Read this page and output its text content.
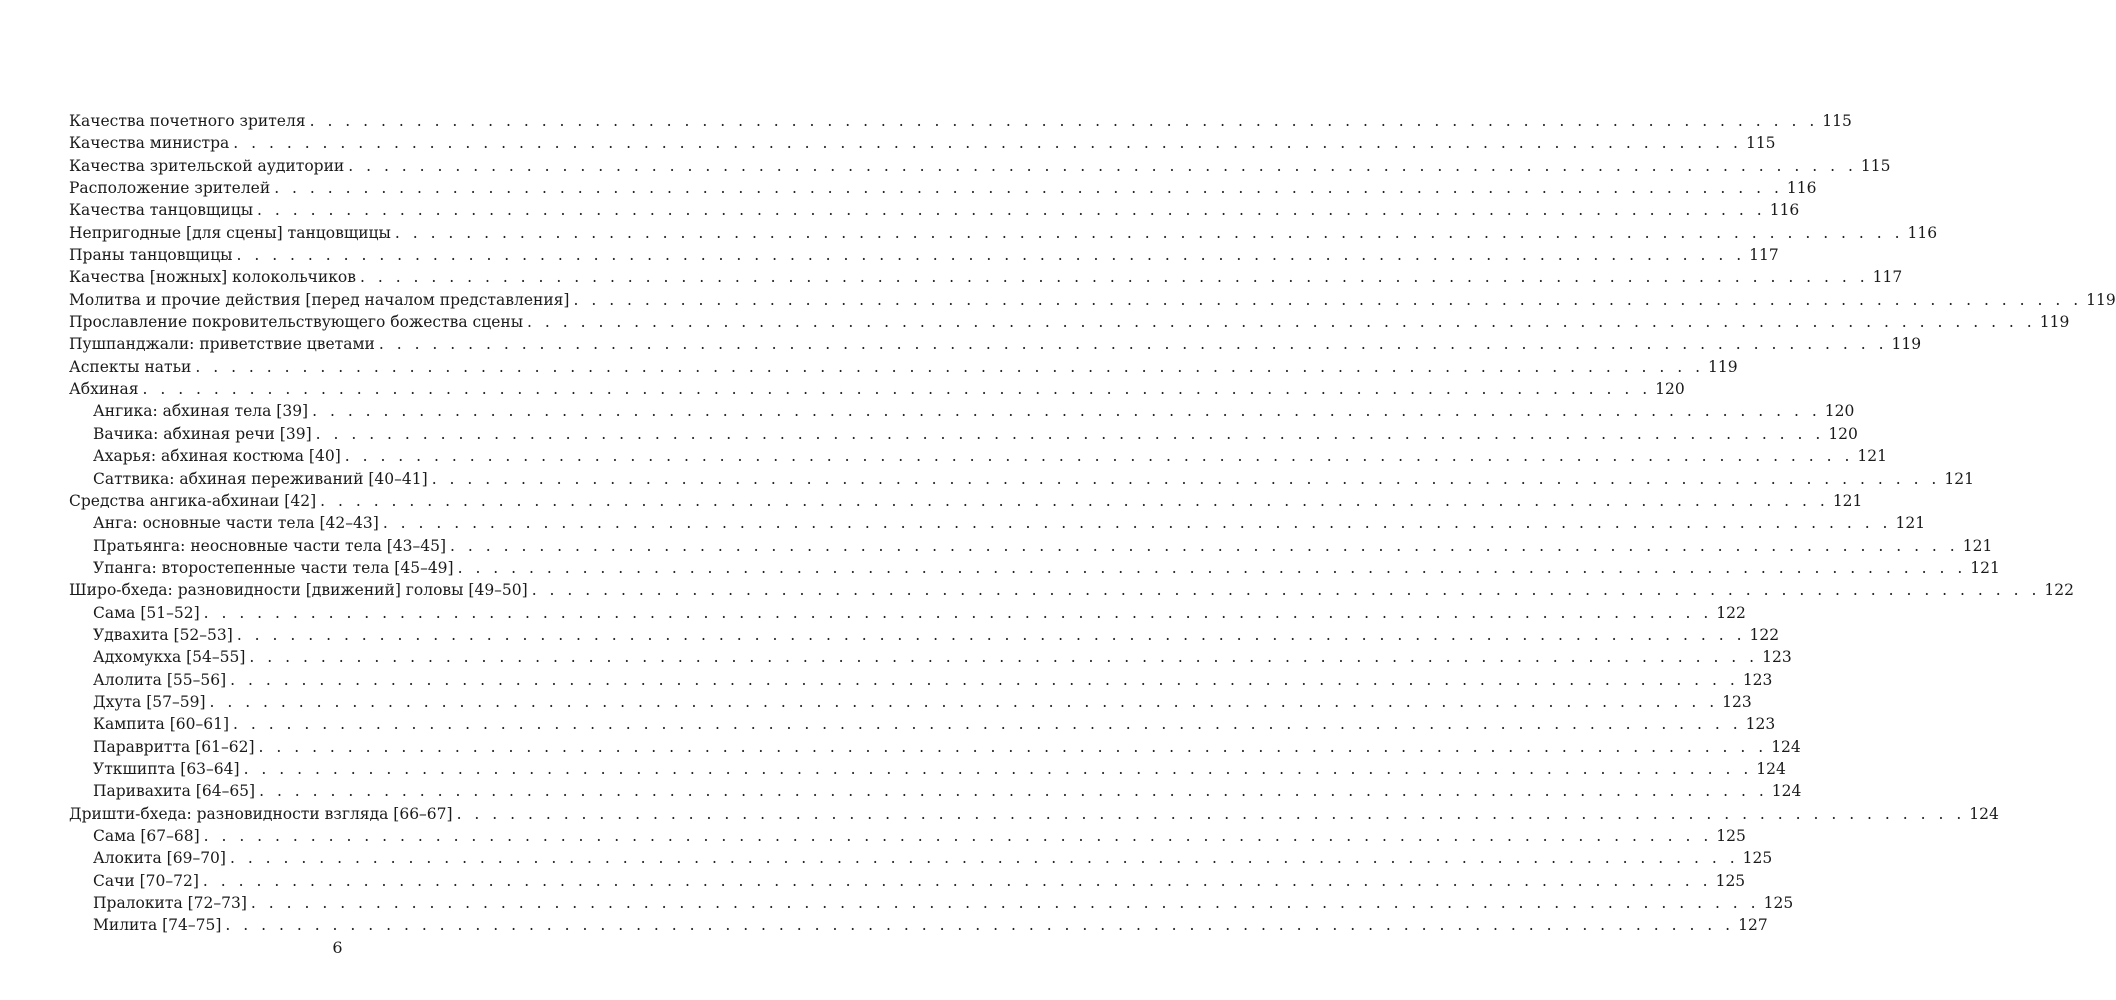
Качества почетного зрителя . . . . . . . . . . . . . . . . . . . . . . . . . . . . . . . . . . . . . . . . . . . . . . . . . . . . . . . . . . . . . . . . . . . . . . . . . . . . . . . . . . . . . 115
Качества министра . . . . . . . . . . . . . . . . . . . . . . . . . . . . . . . . . . . . . . . . . . . . . . . . . . . . . . . . . . . . . . . . . . . . . . . . . . . . . . . . . . . . . 115
Качества зрительской аудитории . . . . . . . . . . . . . . . . . . . . . . . . . . . . . . . . . . . . . . . . . . . . . . . . . . . . . . . . . . . . . . . . . . . . . . . . . . . . . . . . . . . . . 115
Расположение зрителей . . . . . . . . . . . . . . . . . . . . . . . . . . . . . . . . . . . . . . . . . . . . . . . . . . . . . . . . . . . . . . . . . . . . . . . . . . . . . . . . . . . . . 116
Качества танцовщицы . . . . . . . . . . . . . . . . . . . . . . . . . . . . . . . . . . . . . . . . . . . . . . . . . . . . . . . . . . . . . . . . . . . . . . . . . . . . . . . . . . . . . 116
Непригодные [для сцены] танцовщицы . . . . . . . . . . . . . . . . . . . . . . . . . . . . . . . . . . . . . . . . . . . . . . . . . . . . . . . . . . . . . . . . . . . . . . . . . . . . . . . . . . . . . 116
Праны танцовщицы . . . . . . . . . . . . . . . . . . . . . . . . . . . . . . . . . . . . . . . . . . . . . . . . . . . . . . . . . . . . . . . . . . . . . . . . . . . . . . . . . . . . . 117
Качества [ножных] колокольчиков . . . . . . . . . . . . . . . . . . . . . . . . . . . . . . . . . . . . . . . . . . . . . . . . . . . . . . . . . . . . . . . . . . . . . . . . . . . . . . . . . . . . . 117
Молитва и прочие действия [перед началом представления] . . . . . . . . . . . . . . . . . . . . . . . . . . . . . . . . . . . . . . . . . . . . . . . . . . . . . . . . . . . . . . . . . . . . . . . . . . . . . . . . . . . . . 119
Прославление покровительствующего божества сцены . . . . . . . . . . . . . . . . . . . . . . . . . . . . . . . . . . . . . . . . . . . . . . . . . . . . . . . . . . . . . . . . . . . . . . . . . . . . . . . . . . . . . 119
Пушпанджали: приветствие цветами . . . . . . . . . . . . . . . . . . . . . . . . . . . . . . . . . . . . . . . . . . . . . . . . . . . . . . . . . . . . . . . . . . . . . . . . . . . . . . . . . . . . . 119
Аспекты натьи . . . . . . . . . . . . . . . . . . . . . . . . . . . . . . . . . . . . . . . . . . . . . . . . . . . . . . . . . . . . . . . . . . . . . . . . . . . . . . . . . . . . . 119
Абхиная . . . . . . . . . . . . . . . . . . . . . . . . . . . . . . . . . . . . . . . . . . . . . . . . . . . . . . . . . . . . . . . . . . . . . . . . . . . . . . . . . . . . . 120
Ангика: абхиная тела [39] . . . . . . . . . . . . . . . . . . . . . . . . . . . . . . . . . . . . . . . . . . . . . . . . . . . . . . . . . . . . . . . . . . . . . . . . . . . . . . . . . . . . . 120
Вачика: абхиная речи [39] . . . . . . . . . . . . . . . . . . . . . . . . . . . . . . . . . . . . . . . . . . . . . . . . . . . . . . . . . . . . . . . . . . . . . . . . . . . . . . . . . . . . . 120
Ахарья: абхиная костюма [40] . . . . . . . . . . . . . . . . . . . . . . . . . . . . . . . . . . . . . . . . . . . . . . . . . . . . . . . . . . . . . . . . . . . . . . . . . . . . . . . . . . . . . 121
Саттвика: абхиная переживаний [40–41] . . . . . . . . . . . . . . . . . . . . . . . . . . . . . . . . . . . . . . . . . . . . . . . . . . . . . . . . . . . . . . . . . . . . . . . . . . . . . . . . . . . . . 121
Средства ангика-абхинаи [42] . . . . . . . . . . . . . . . . . . . . . . . . . . . . . . . . . . . . . . . . . . . . . . . . . . . . . . . . . . . . . . . . . . . . . . . . . . . . . . . . . . . . . 121
Анга: основные части тела [42–43] . . . . . . . . . . . . . . . . . . . . . . . . . . . . . . . . . . . . . . . . . . . . . . . . . . . . . . . . . . . . . . . . . . . . . . . . . . . . . . . . . . . . . 121
Пратьянга: неосновные части тела [43–45] . . . . . . . . . . . . . . . . . . . . . . . . . . . . . . . . . . . . . . . . . . . . . . . . . . . . . . . . . . . . . . . . . . . . . . . . . . . . . . . . . . . . . 121
Упанга: второстепенные части тела [45–49] . . . . . . . . . . . . . . . . . . . . . . . . . . . . . . . . . . . . . . . . . . . . . . . . . . . . . . . . . . . . . . . . . . . . . . . . . . . . . . . . . . . . . 121
Широ-бхеда: разновидности [движений] головы [49–50] . . . . . . . . . . . . . . . . . . . . . . . . . . . . . . . . . . . . . . . . . . . . . . . . . . . . . . . . . . . . . . . . . . . . . . . . . . . . . . . . . . . . . 122
Сама [51–52] . . . . . . . . . . . . . . . . . . . . . . . . . . . . . . . . . . . . . . . . . . . . . . . . . . . . . . . . . . . . . . . . . . . . . . . . . . . . . . . . . . . . . 122
Удвахита [52–53] . . . . . . . . . . . . . . . . . . . . . . . . . . . . . . . . . . . . . . . . . . . . . . . . . . . . . . . . . . . . . . . . . . . . . . . . . . . . . . . . . . . . . 122
Адхомукха [54–55] . . . . . . . . . . . . . . . . . . . . . . . . . . . . . . . . . . . . . . . . . . . . . . . . . . . . . . . . . . . . . . . . . . . . . . . . . . . . . . . . . . . . . 123
Алолита [55–56] . . . . . . . . . . . . . . . . . . . . . . . . . . . . . . . . . . . . . . . . . . . . . . . . . . . . . . . . . . . . . . . . . . . . . . . . . . . . . . . . . . . . . 123
Дхута [57–59] . . . . . . . . . . . . . . . . . . . . . . . . . . . . . . . . . . . . . . . . . . . . . . . . . . . . . . . . . . . . . . . . . . . . . . . . . . . . . . . . . . . . . 123
Кампита [60–61] . . . . . . . . . . . . . . . . . . . . . . . . . . . . . . . . . . . . . . . . . . . . . . . . . . . . . . . . . . . . . . . . . . . . . . . . . . . . . . . . . . . . . 123
Паравритта [61–62] . . . . . . . . . . . . . . . . . . . . . . . . . . . . . . . . . . . . . . . . . . . . . . . . . . . . . . . . . . . . . . . . . . . . . . . . . . . . . . . . . . . . . 124
Уткшипта [63–64] . . . . . . . . . . . . . . . . . . . . . . . . . . . . . . . . . . . . . . . . . . . . . . . . . . . . . . . . . . . . . . . . . . . . . . . . . . . . . . . . . . . . . 124
Паривахита [64–65] . . . . . . . . . . . . . . . . . . . . . . . . . . . . . . . . . . . . . . . . . . . . . . . . . . . . . . . . . . . . . . . . . . . . . . . . . . . . . . . . . . . . . 124
Дришти-бхеда: разновидности взгляда [66–67] . . . . . . . . . . . . . . . . . . . . . . . . . . . . . . . . . . . . . . . . . . . . . . . . . . . . . . . . . . . . . . . . . . . . . . . . . . . . . . . . . . . . . 124
Сама [67–68] . . . . . . . . . . . . . . . . . . . . . . . . . . . . . . . . . . . . . . . . . . . . . . . . . . . . . . . . . . . . . . . . . . . . . . . . . . . . . . . . . . . . . 125
Алокита [69–70] . . . . . . . . . . . . . . . . . . . . . . . . . . . . . . . . . . . . . . . . . . . . . . . . . . . . . . . . . . . . . . . . . . . . . . . . . . . . . . . . . . . . . 125
Сачи [70–72] . . . . . . . . . . . . . . . . . . . . . . . . . . . . . . . . . . . . . . . . . . . . . . . . . . . . . . . . . . . . . . . . . . . . . . . . . . . . . . . . . . . . . 125
Пралокита [72–73] . . . . . . . . . . . . . . . . . . . . . . . . . . . . . . . . . . . . . . . . . . . . . . . . . . . . . . . . . . . . . . . . . . . . . . . . . . . . . . . . . . . . . 125
Милита [74–75] . . . . . . . . . . . . . . . . . . . . . . . . . . . . . . . . . . . . . . . . . . . . . . . . . . . . . . . . . . . . . . . . . . . . . . . . . . . . . . . . . . . . . 127
6
